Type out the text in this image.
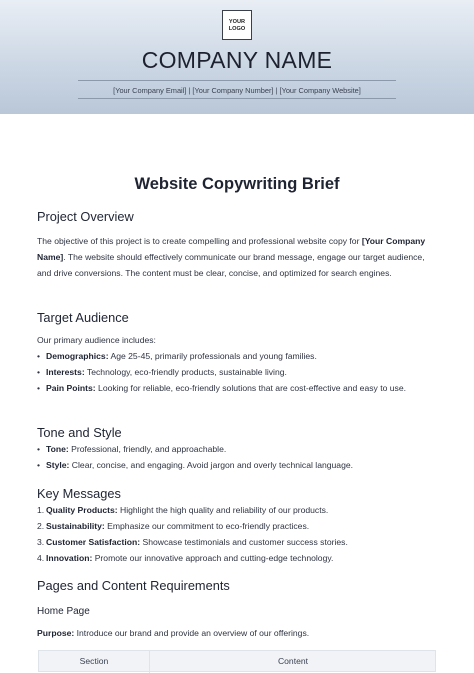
YOUR
LOGO
COMPANY NAME
[Your Company Email] | [Your Company Number] | [Your Company Website]
Website Copywriting Brief
Project Overview
The objective of this project is to create compelling and professional website copy for [Your Company Name]. The website should effectively communicate our brand message, engage our target audience, and drive conversions. The content must be clear, concise, and optimized for search engines.
Target Audience
Our primary audience includes:
• Demographics: Age 25-45, primarily professionals and young families.
• Interests: Technology, eco-friendly products, sustainable living.
• Pain Points: Looking for reliable, eco-friendly solutions that are cost-effective and easy to use.
Tone and Style
• Tone: Professional, friendly, and approachable.
• Style: Clear, concise, and engaging. Avoid jargon and overly technical language.
Key Messages
1. Quality Products: Highlight the high quality and reliability of our products.
2. Sustainability: Emphasize our commitment to eco-friendly practices.
3. Customer Satisfaction: Showcase testimonials and customer success stories.
4. Innovation: Promote our innovative approach and cutting-edge technology.
Pages and Content Requirements
Home Page
Purpose: Introduce our brand and provide an overview of our offerings.
Section	Content
